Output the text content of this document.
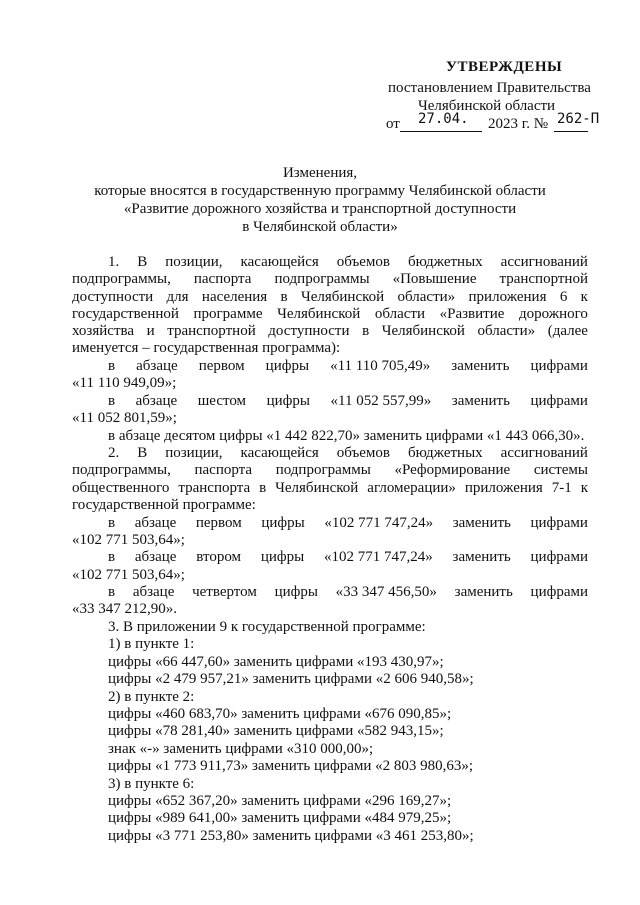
УТВЕРЖДЕНЫ
постановлением Правительства
Челябинской области
от 27.04. 2023 г. № 262-П
Изменения,
которые вносятся в государственную программу Челябинской области
«Развитие дорожного хозяйства и транспортной доступности
в Челябинской области»
1. В позиции, касающейся объемов бюджетных ассигнований
подпрограммы, паспорта подпрограммы «Повышение транспортной
доступности для населения в Челябинской области» приложения 6 к
государственной программе Челябинской области «Развитие дорожного
хозяйства и транспортной доступности в Челябинской области» (далее
именуется – государственная программа):
в абзаце первом цифры «11 110 705,49» заменить цифрами
«11 110 949,09»;
в абзаце шестом цифры «11 052 557,99» заменить цифрами
«11 052 801,59»;
в абзаце десятом цифры «1 442 822,70» заменить цифрами «1 443 066,30».
2. В позиции, касающейся объемов бюджетных ассигнований
подпрограммы, паспорта подпрограммы «Реформирование системы
общественного транспорта в Челябинской агломерации» приложения 7-1 к
государственной программе:
в абзаце первом цифры «102 771 747,24» заменить цифрами
«102 771 503,64»;
в абзаце втором цифры «102 771 747,24» заменить цифрами
«102 771 503,64»;
в абзаце четвертом цифры «33 347 456,50» заменить цифрами
«33 347 212,90».
3. В приложении 9 к государственной программе:
1) в пункте 1:
цифры «66 447,60» заменить цифрами «193 430,97»;
цифры «2 479 957,21» заменить цифрами «2 606 940,58»;
2) в пункте 2:
цифры «460 683,70» заменить цифрами «676 090,85»;
цифры «78 281,40» заменить цифрами «582 943,15»;
знак «-» заменить цифрами «310 000,00»;
цифры «1 773 911,73» заменить цифрами «2 803 980,63»;
3) в пункте 6:
цифры «652 367,20» заменить цифрами «296 169,27»;
цифры «989 641,00» заменить цифрами «484 979,25»;
цифры «3 771 253,80» заменить цифрами «3 461 253,80»;
